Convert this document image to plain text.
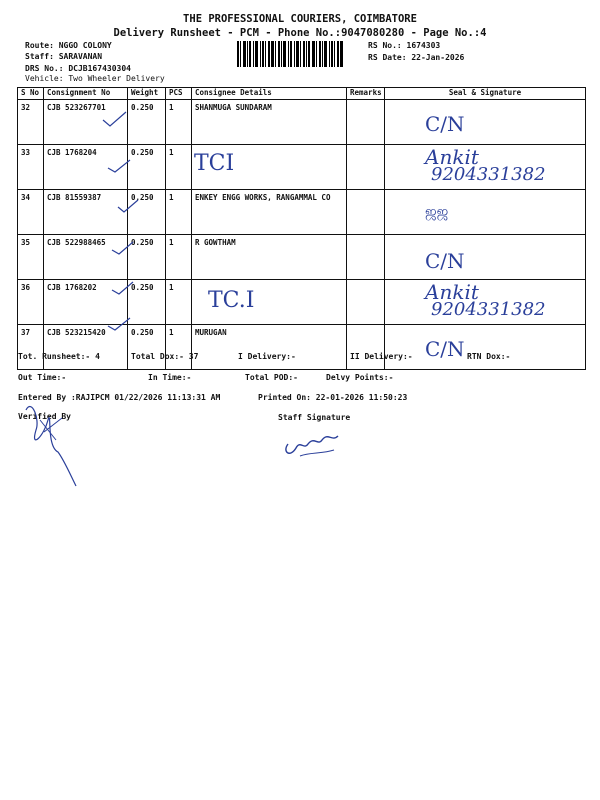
THE PROFESSIONAL COURIERS, COIMBATORE
Delivery Runsheet - PCM - Phone No.:9047080280 - Page No.:4
Route: NGGO COLONY
Staff: SARAVANAN
DRS No.: DCJB167430304
Vehicle: Two Wheeler Delivery
RS No.: 1674303
RS Date: 22-Jan-2026
S No	Consignment No	Weight	PCS	Consignee Details	Remarks	Seal & Signature
32	CJB 523267701	0.250	1	SHANMUGA SUNDARAM		C/N

33	CJB 1768204	0.250	1	TCI		Ankit
9204331382

34	CJB 81559387	0.250	1	ENKEY ENGG WORKS, RANGAMMAL CO		ஜஜ

35	CJB 522988465	0.250	1	R GOWTHAM		C/N

36	CJB 1768202	0.250	1	TC.I		Ankit
9204331382

37	CJB 523215420	0.250	1	MURUGAN		C/N
Tot. Runsheet:- 4	Total Dox:- 37	I Delivery:-	II Delivery:-	RTN Dox:-
Out Time:-	In Time:-	Total POD:-	Delvy Points:-
Entered By :RAJIPCM 01/22/2026 11:13:31 AM	Printed On: 22-01-2026 11:50:23
Verified By	Staff Signature
